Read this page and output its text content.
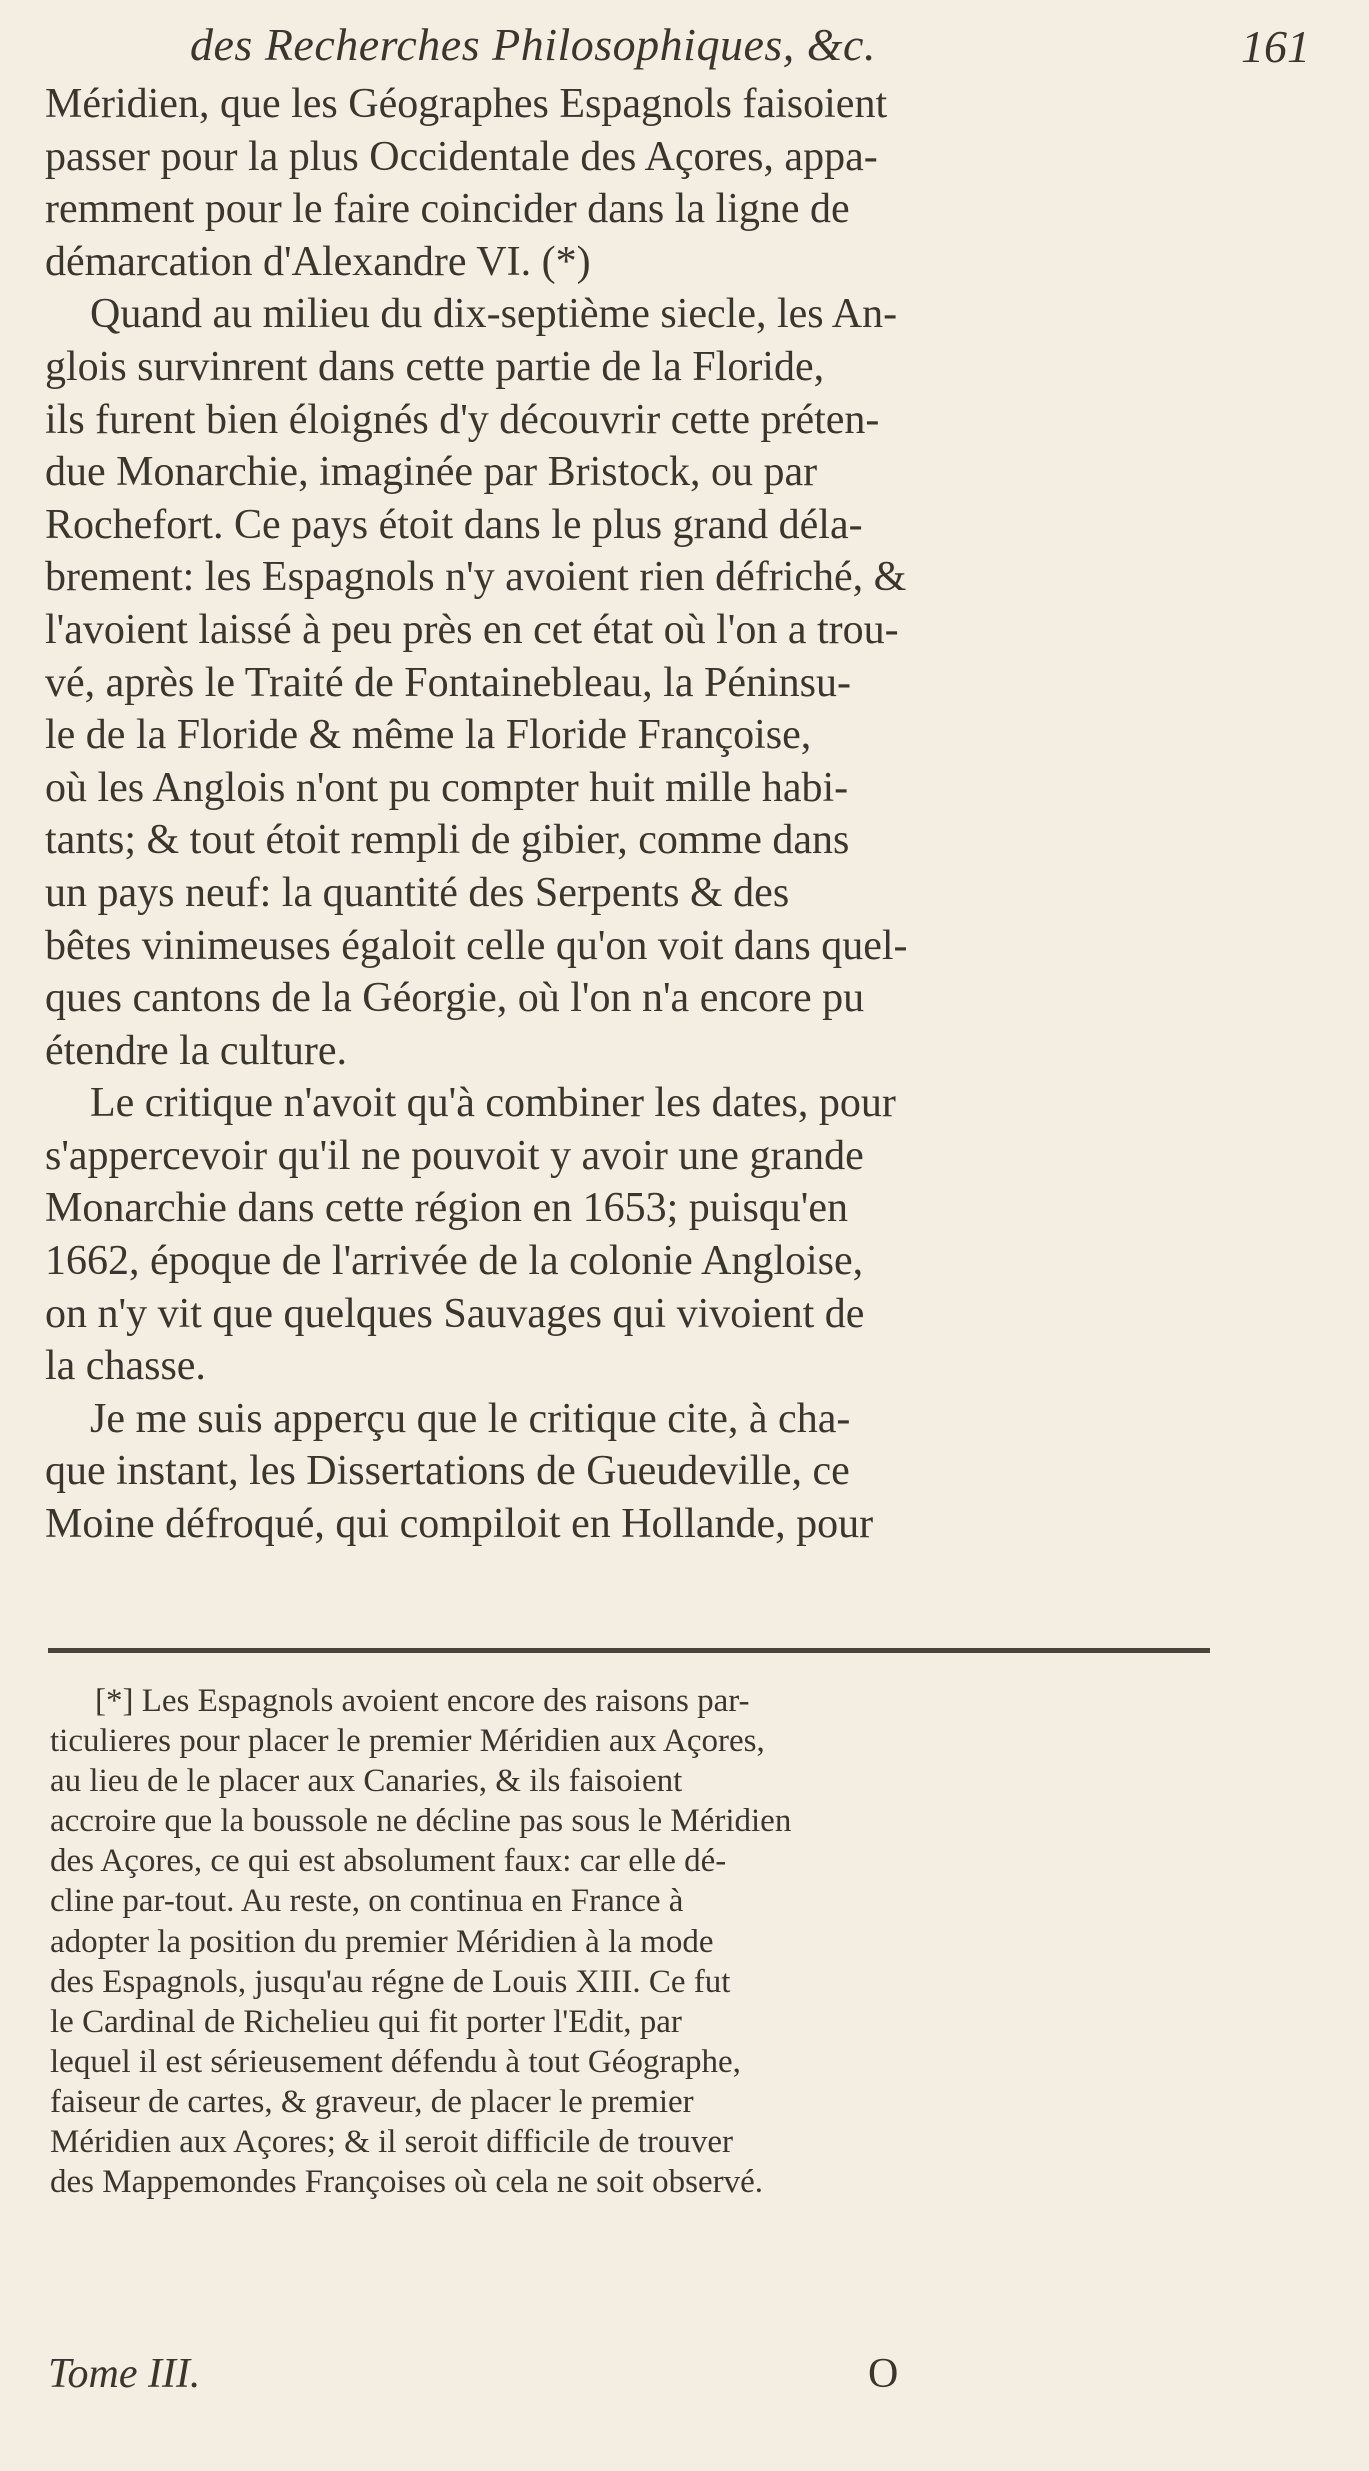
des Recherches Philosophiques, &c.	161
Méridien, que les Géographes Espagnols faisoient
passer pour la plus Occidentale des Açores, appa-
remment pour le faire coincider dans la ligne de
démarcation d'Alexandre VI. (*)
Quand au milieu du dix-septième siecle, les An-
glois survinrent dans cette partie de la Floride,
ils furent bien éloignés d'y découvrir cette préten-
due Monarchie, imaginée par Bristock, ou par
Rochefort. Ce pays étoit dans le plus grand déla-
brement: les Espagnols n'y avoient rien défriché, &
l'avoient laissé à peu près en cet état où l'on a trou-
vé, après le Traité de Fontainebleau, la Péninsu-
le de la Floride & même la Floride Françoise,
où les Anglois n'ont pu compter huit mille habi-
tants; & tout étoit rempli de gibier, comme dans
un pays neuf: la quantité des Serpents & des
bêtes vinimeuses égaloit celle qu'on voit dans quel-
ques cantons de la Géorgie, où l'on n'a encore pu
étendre la culture.
Le critique n'avoit qu'à combiner les dates, pour
s'appercevoir qu'il ne pouvoit y avoir une grande
Monarchie dans cette région en 1653; puisqu'en
1662, époque de l'arrivée de la colonie Angloise,
on n'y vit que quelques Sauvages qui vivoient de
la chasse.
Je me suis apperçu que le critique cite, à cha-
que instant, les Dissertations de Gueudeville, ce
Moine défroqué, qui compiloit en Hollande, pour
[*] Les Espagnols avoient encore des raisons par-
ticulieres pour placer le premier Méridien aux Açores,
au lieu de le placer aux Canaries, & ils faisoient
accroire que la boussole ne décline pas sous le Méridien
des Açores, ce qui est absolument faux: car elle dé-
cline par-tout. Au reste, on continua en France à
adopter la position du premier Méridien à la mode
des Espagnols, jusqu'au régne de Louis XIII. Ce fut
le Cardinal de Richelieu qui fit porter l'Edit, par
lequel il est sérieusement défendu à tout Géographe,
faiseur de cartes, & graveur, de placer le premier
Méridien aux Açores; & il seroit difficile de trouver
des Mappemondes Françoises où cela ne soit observé.
Tome III.	O
